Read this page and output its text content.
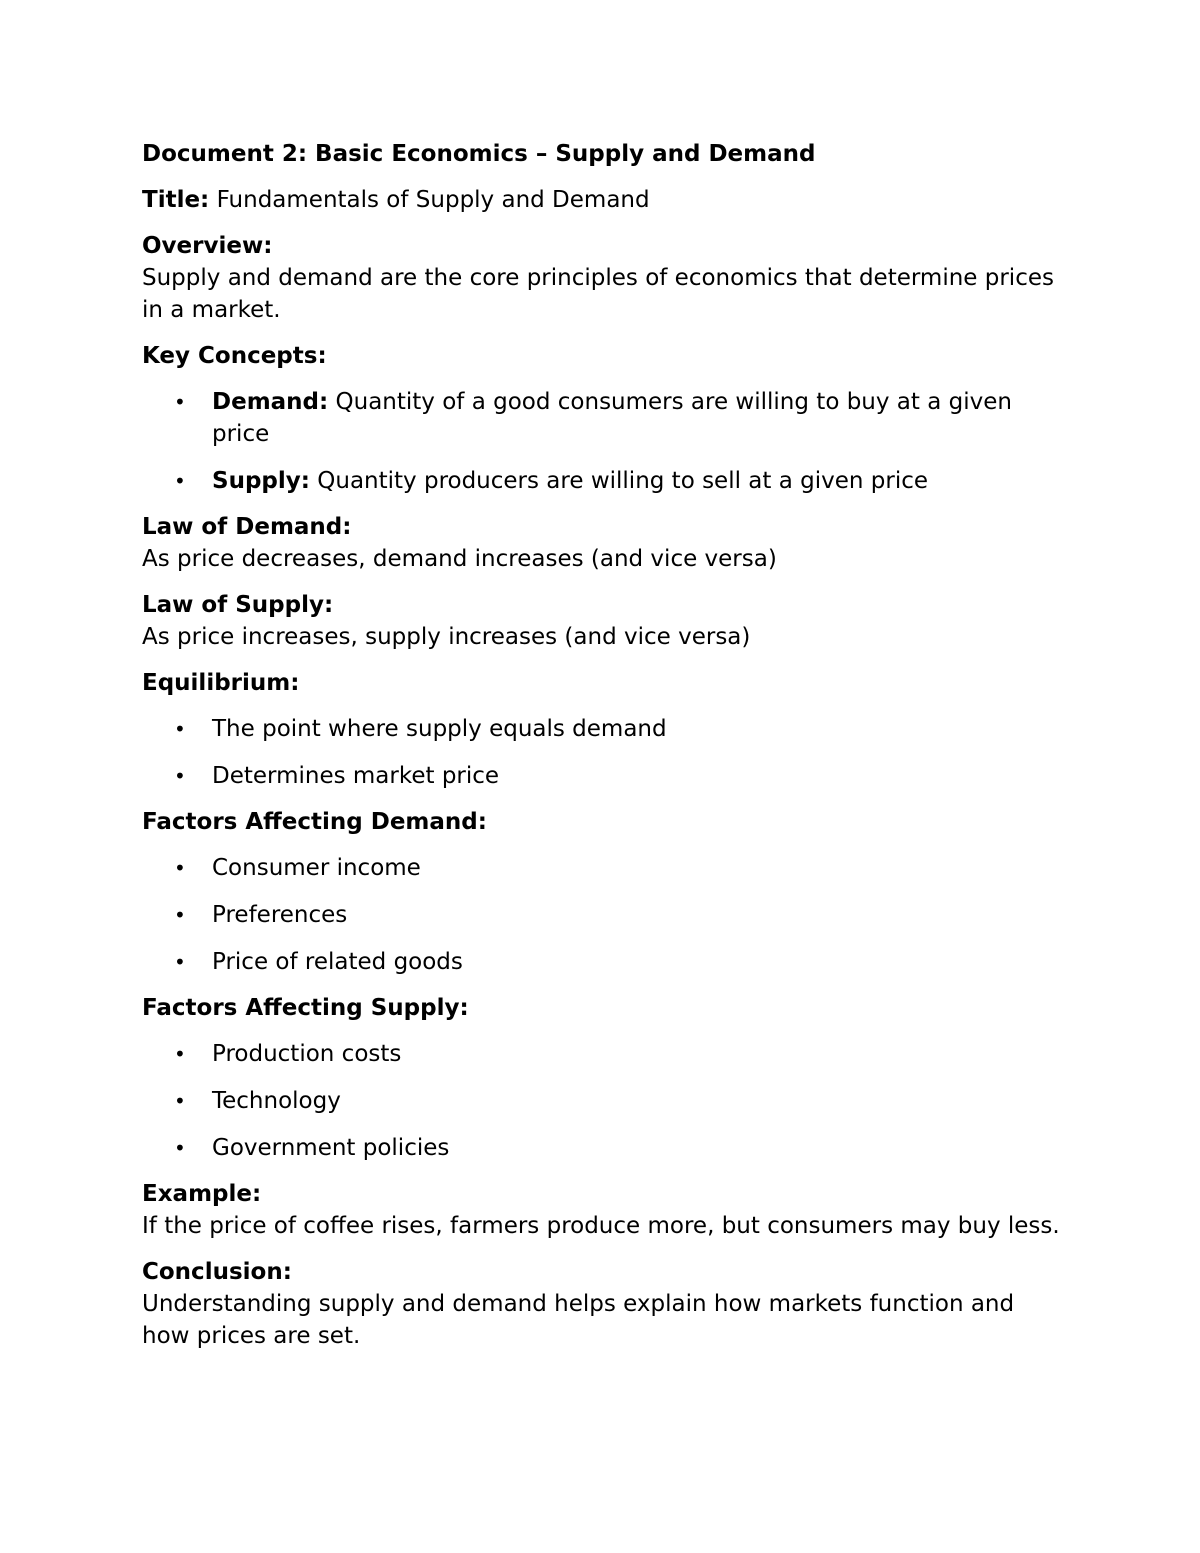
Document 2: Basic Economics – Supply and Demand
Title: Fundamentals of Supply and Demand
Overview:
Supply and demand are the core principles of economics that determine prices in a market.
Key Concepts:
• Demand: Quantity of a good consumers are willing to buy at a given price
• Supply: Quantity producers are willing to sell at a given price
Law of Demand:
As price decreases, demand increases (and vice versa)
Law of Supply:
As price increases, supply increases (and vice versa)
Equilibrium:
• The point where supply equals demand
• Determines market price
Factors Affecting Demand:
• Consumer income
• Preferences
• Price of related goods
Factors Affecting Supply:
• Production costs
• Technology
• Government policies
Example:
If the price of coffee rises, farmers produce more, but consumers may buy less.
Conclusion:
Understanding supply and demand helps explain how markets function and how prices are set.
